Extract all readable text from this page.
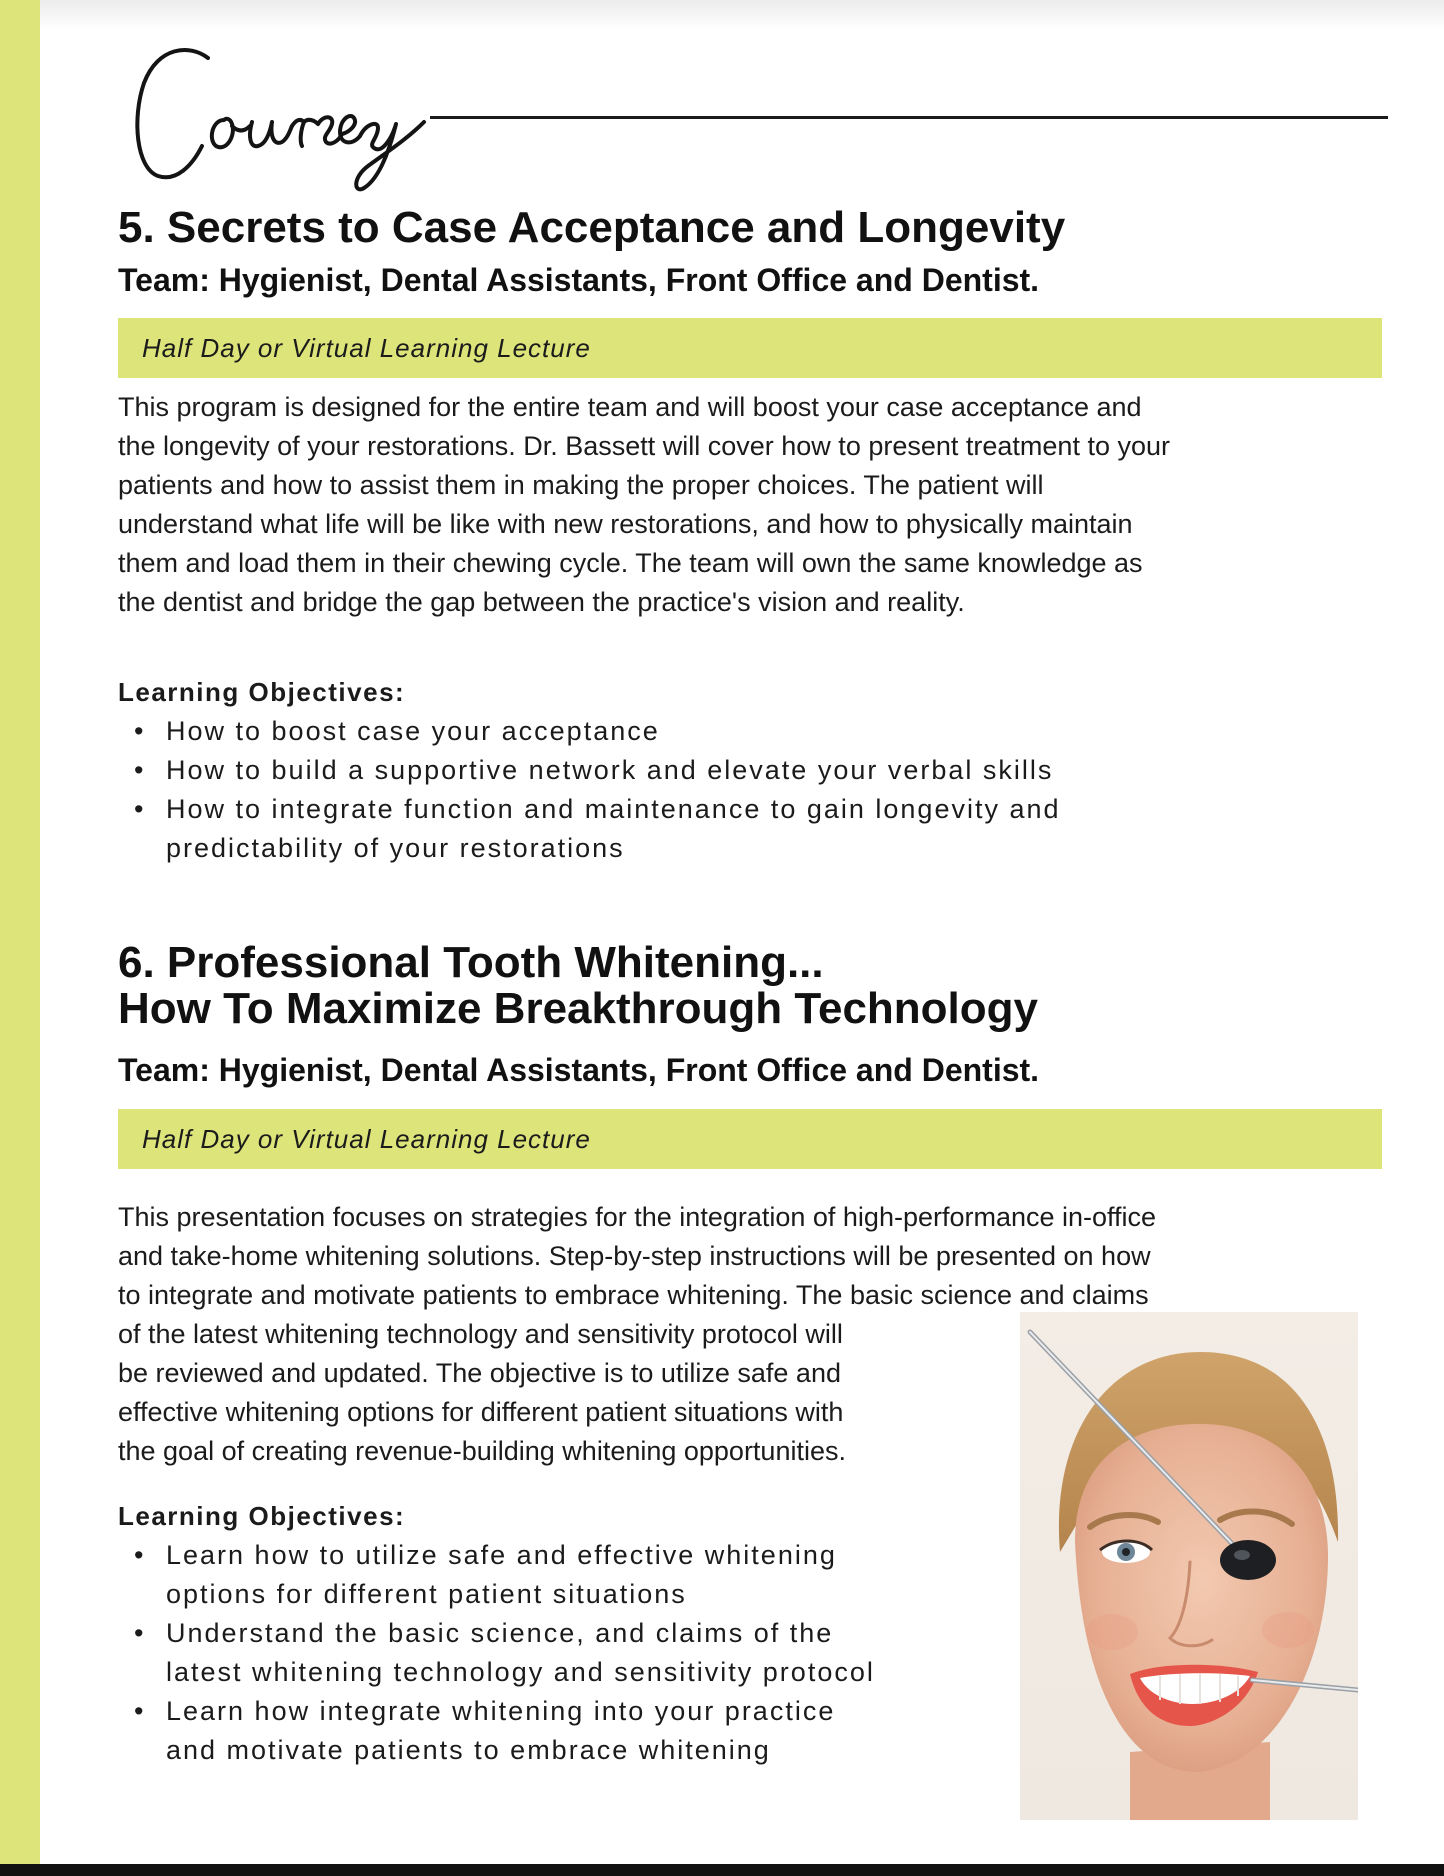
5. Secrets to Case Acceptance and Longevity
Team: Hygienist, Dental Assistants, Front Office and Dentist.
Half Day or Virtual Learning Lecture

This program is designed for the entire team and will boost your case acceptance and
the longevity of your restorations. Dr. Bassett will cover how to present treatment to your
patients and how to assist them in making the proper choices. The patient will
understand what life will be like with new restorations, and how to physically maintain
them and load them in their chewing cycle. The team will own the same knowledge as
the dentist and bridge the gap between the practice's vision and reality.

Learning Objectives:
• How to boost case your acceptance
• How to build a supportive network and elevate your verbal skills
• How to integrate function and maintenance to gain longevity and
predictability of your restorations
6. Professional Tooth Whitening...
How To Maximize Breakthrough Technology
Team: Hygienist, Dental Assistants, Front Office and Dentist.
Half Day or Virtual Learning Lecture

This presentation focuses on strategies for the integration of high-performance in-office
and take-home whitening solutions. Step-by-step instructions will be presented on how
to integrate and motivate patients to embrace whitening. The basic science and claims
of the latest whitening technology and sensitivity protocol will
be reviewed and updated. The objective is to utilize safe and
effective whitening options for different patient situations with
the goal of creating revenue-building whitening opportunities.

Learning Objectives:
• Learn how to utilize safe and effective whitening
options for different patient situations
• Understand the basic science, and claims of the
latest whitening technology and sensitivity protocol
• Learn how integrate whitening into your practice
and motivate patients to embrace whitening
